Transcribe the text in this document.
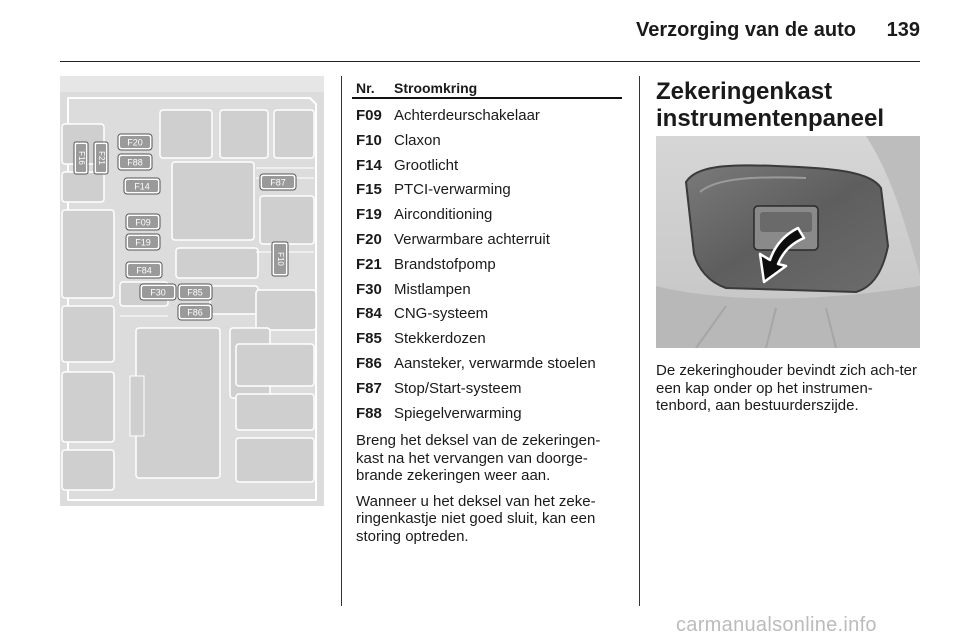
Verzorging van de auto	139
F16 F21
F10
F20
F88
F14	F87
F09
F19
F84
F30 F85
F86
Nr. Stroomkring
F09 Achterdeurschakelaar
F10 Claxon
F14 Grootlicht
F15 PTCI-verwarming
F19 Airconditioning
F20 Verwarmbare achterruit
F21 Brandstofpomp
F30 Mistlampen
F84 CNG-systeem
F85 Stekkerdozen
F86 Aansteker, verwarmde stoelen
F87 Stop/Start-systeem
F88 Spiegelverwarming

Breng het deksel van de zekeringen-kast na het vervangen van doorge-brande zekeringen weer aan.

Wanneer u het deksel van het zeke-ringenkastje niet goed sluit, kan een storing optreden.

Zekeringenkast instrumentenpaneel

De zekeringhouder bevindt zich ach-ter een kap onder op het instrumen-tenbord, aan bestuurderszijde.

carmanualsonline.info
